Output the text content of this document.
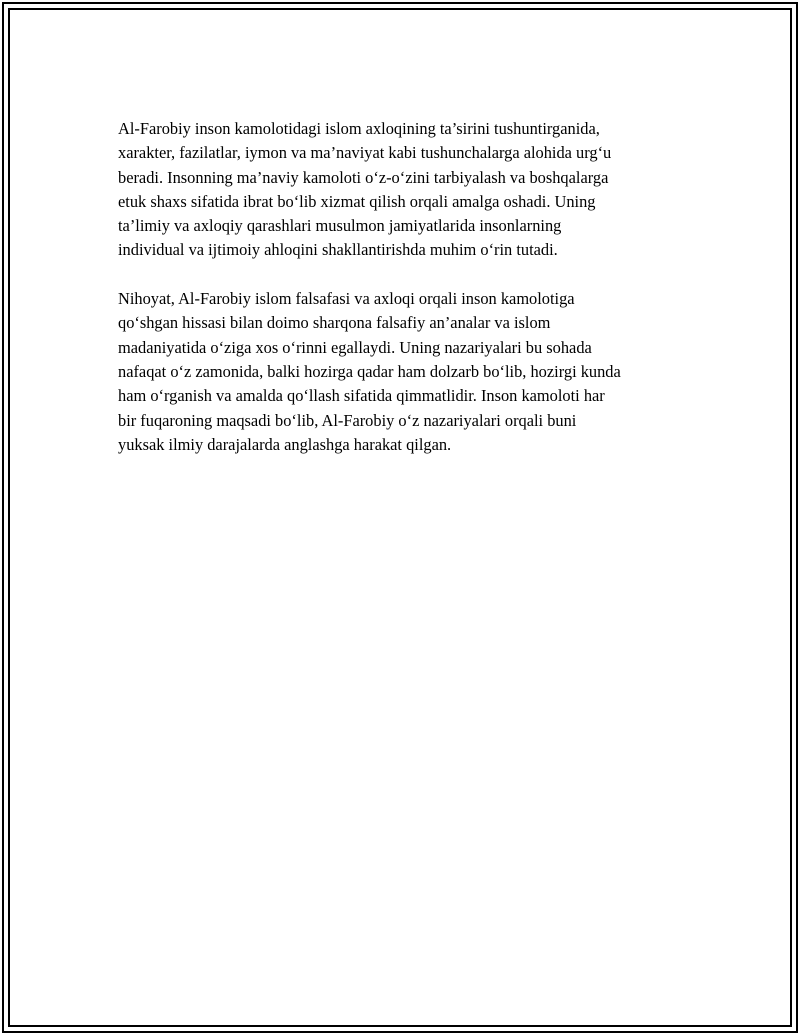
Al-Farobiy inson kamolotidagi islom axloqining ta’sirini tushuntirganida,
xarakter, fazilatlar, iymon va ma’naviyat kabi tushunchalarga alohida urg‘u
beradi. Insonning ma’naviy kamoloti o‘z-o‘zini tarbiyalash va boshqalarga
etuk shaxs sifatida ibrat bo‘lib xizmat qilish orqali amalga oshadi. Uning
ta’limiy va axloqiy qarashlari musulmon jamiyatlarida insonlarning
individual va ijtimoiy ahloqini shakllantirishda muhim o‘rin tutadi.

Nihoyat, Al-Farobiy islom falsafasi va axloqi orqali inson kamolotiga
qo‘shgan hissasi bilan doimo sharqona falsafiy an’analar va islom
madaniyatida o‘ziga xos o‘rinni egallaydi. Uning nazariyalari bu sohada
nafaqat o‘z zamonida, balki hozirga qadar ham dolzarb bo‘lib, hozirgi kunda
ham o‘rganish va amalda qo‘llash sifatida qimmatlidir. Inson kamoloti har
bir fuqaroning maqsadi bo‘lib, Al-Farobiy o‘z nazariyalari orqali buni
yuksak ilmiy darajalarda anglashga harakat qilgan.
